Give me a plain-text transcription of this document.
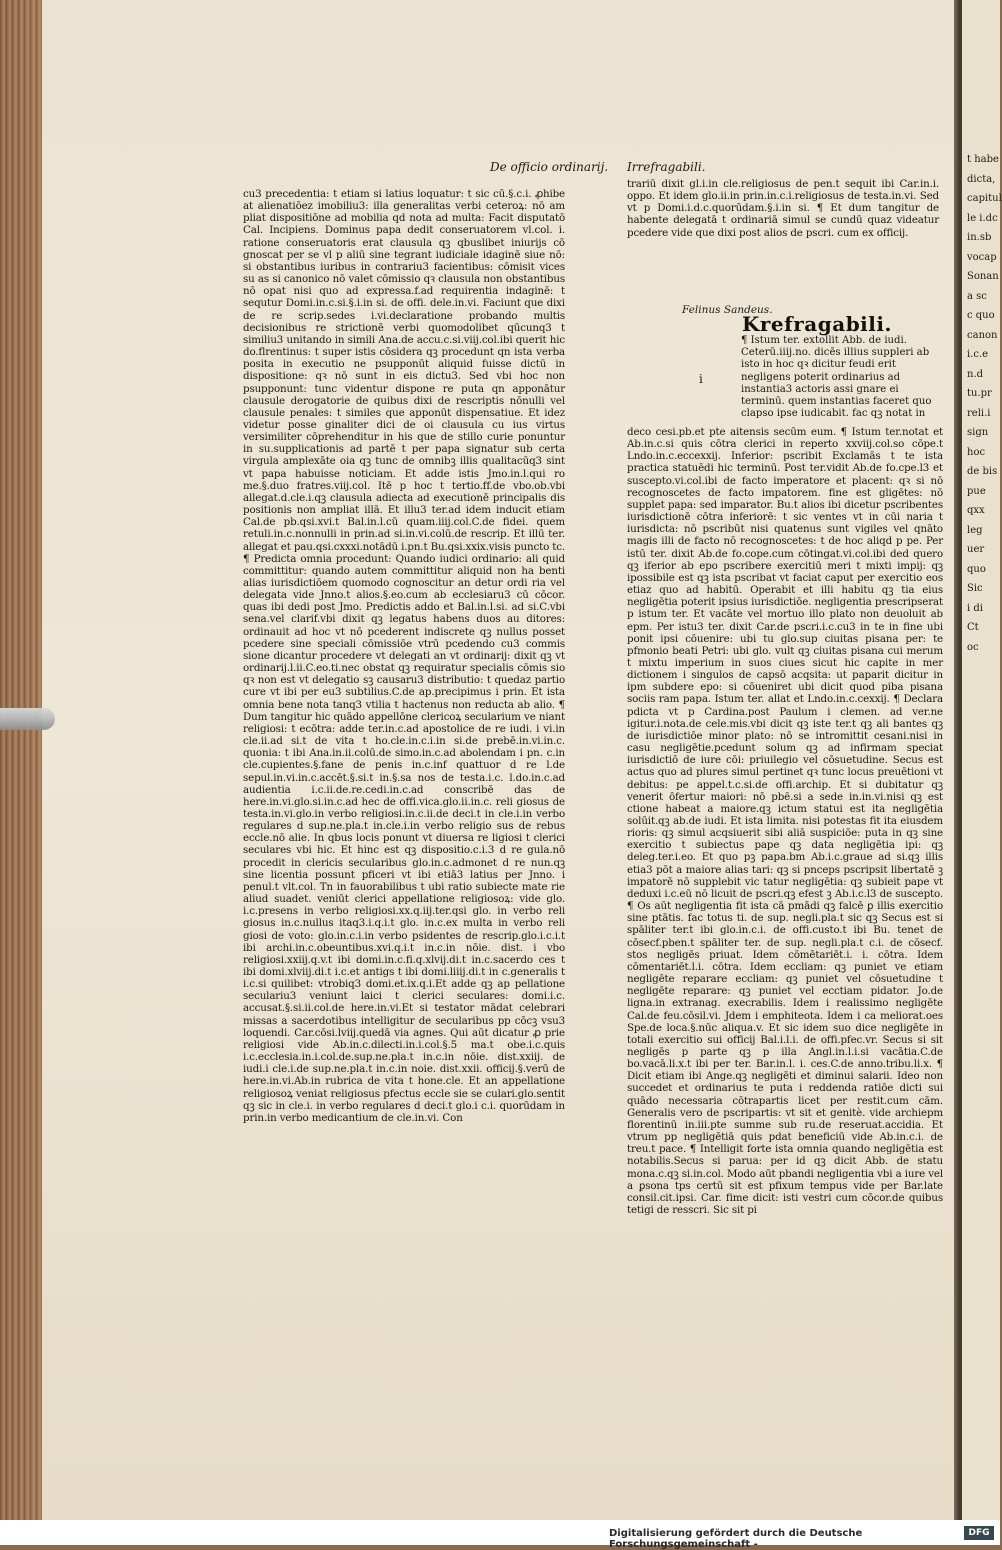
t habe
dicta,
capitul
le i.dc
in.sb
vocap
Sonan
a sc
c quo
canon
i.c.e
n.d
tu.pr
reli.i
sign
hoc
de bis
pue
qxx
leg
uer
quo
Sic
i di
Ct
oc
De officio ordinarij. Irrefragabili.
cu3 precedentia: t etiam si latius loquatur: t sic cū.§.c.i. ꝓhibe at alienatiōez imobiliu3: illa generalitas verbi ceteroꝝ: nō am pliat dispositiōne ad mobilia qd nota ad multa: Facit disputatō Cal. Incipiens. Dominus papa dedit conseruatorem vl.col. i. ratione conseruatoris erat clausula qꝫ qbuslibet iniurijs cō gnoscat per se vl p aliū sine tegrant iudiciale idaginē siue nō: si obstantibus iuribus in contrariu3 facientibus: cōmisit vices su as si canonico nō valet cōmissio qꝛ clausula non obstantibus nō opat nisi quo ad expressa.f.ad requirentia indaginē: t sequtur Domi.in.c.si.§.i.in si. de offi. dele.in.vi. Faciunt que dixi de re scrip.sedes i.vi.declaratione probando multis decisionibus re strictionē verbi quomodolibet qūcunq3 t similiu3 unitando in simili Ana.de accu.c.si.viij.col.ibi querit hic do.flrentinus: t super istis cōsidera qꝫ procedunt qn ista verba posita in executio ne psupponūt aliquid fuisse dictū in dispositione: qꝛ nō sunt in eis dictu3. Sed vbi hoc non psupponunt: tunc videntur dispone re puta qn apponātur clausule derogatorie de quibus dixi de rescriptis nōnulli vel clausule penales: t similes que apponūt dispensatiue. Et idez videtur posse ginaliter dici de oi clausula cu ius virtus versimiliter cōprehenditur in his que de stillo curie ponuntur in su.supplicationis ad partē t per papa signatur sub certa virgula amplexāte oia qꝫ tunc de omnibꝫ illis qualitacūq3 sint vt papa habuisse noticiam. Et adde istis Jmo.in.l.qui ro me.§.duo fratres.viij.col. Itē p hoc t tertio.ff.de vbo.ob.vbi allegat.d.cle.i.qꝫ clausula adiecta ad executionē principalis dis positionis non ampliat illā. Et illu3 ter.ad idem inducit etiam Cal.de pb.qsi.xvi.t Bal.in.l.cū quam.iiij.col.C.de fidei. quem retuli.in.c.nonnulli in prin.ad si.in.vi.colū.de rescrip. Et illū ter. allegat et pau.qsi.cxxxi.notādū i.pn.t Bu.qsi.xxix.visis puncto tc. ¶ Predicta omnia procedunt: Quando iudici ordinario: ali quid committitur: quando autem committitur aliquid non ha benti alias iurisdictiōem quomodo cognoscitur an detur ordi ria vel delegata vide Jnno.t alios.§.eo.cum ab ecclesiaru3 cū cōcor. quas ibi dedi post Jmo. Predictis addo et Bal.in.l.si. ad si.C.vbi sena.vel clarif.vbi dixit qꝫ legatus habens duos au ditores: ordinauit ad hoc vt nō pcederent indiscrete qꝫ nullus posset pcedere sine speciali cōmissiōe vtrū pcedendo cu3 commis sione dicantur procedere vt delegati an vt ordinarij: dixit qꝫ vt ordinarij.l.ii.C.eo.ti.nec obstat qꝫ requiratur specialis cōmis sio qꝛ non est vt delegatio sꝫ causaru3 distributio: t quedaz partio cure vt ibi per eu3 subtilius.C.de ap.precipimus i prin. Et ista omnia bene nota tanq3 vtilia t hactenus non reducta ab alio. ¶ Dum tangitur hic quādo appellōne clericoꝝ secularium ve niant religiosi: t ecōtra: adde ter.in.c.ad apostolice de re iudi. i vi.in cle.ii.ad si.t de vita t ho.cle.in.c.i.in si.de prebē.in.vi.in.c. quonia: t ibi Ana.in.ii.colū.de simo.in.c.ad abolendam i pn. c.in cle.cupientes.§.fane de penis in.c.inf quattuor d re l.de sepul.in.vi.in.c.accēt.§.si.t in.§.sa nos de testa.i.c. l.do.in.c.ad audientia i.c.ii.de.re.cedi.in.c.ad conscribē das de here.in.vi.glo.si.in.c.ad hec de offi.vica.glo.ii.in.c. reli giosus de testa.in.vi.glo.in verbo religiosi.in.c.ii.de deci.t in cle.i.in verbo regulares d sup.ne.pla.t in.cle.i.in verbo religio sus de rebus eccle.nō alie. In qbus locis ponunt vt diuersa re ligiosi t clerici seculares vbi hic. Et hinc est qꝫ dispositio.c.i.3 d re gula.nō procedit in clericis secularibus glo.in.c.admonet d re nun.qꝫ sine licentia possunt pficeri vt ibi etiā3 latius per Jnno. i penul.t vlt.col. Tn in fauorabilibus t ubi ratio subiecte mate rie aliud suadet. veniūt clerici appellatione religiosoꝝ: vide glo. i.c.presens in verbo religiosi.xx.q.iij.ter.qsi glo. in verbo reli giosus in.c.nullus itaq3.i.q.i.t glo. in.c.ex multa in verbo reli giosi de voto: glo.in.c.i.in verbo psidentes de rescrip.glo.i.c.i.t ibi archi.in.c.obeuntibus.xvi.q.i.t in.c.in nōie. dist. i vbo religiosi.xxiij.q.v.t ibi domi.in.c.fi.q.xlvij.di.t in.c.sacerdo ces t ibi domi.xlviij.di.t i.c.et antigs t ibi domi.liiij.di.t in c.generalis t i.c.si quilibet: vtrobiq3 domi.et.ix.q.i.Et adde qꝫ ap pellatione seculariu3 veniunt laici t clerici seculares: domi.i.c. accusat.§.si.ii.col.de here.in.vi.Et si testator mādat celebrari missas a sacerdotibus intelligitur de secularibus pp cōcꝫ vsu3 loquendi. Car.cōsi.lviij.quedā via agnes. Qui aūt dicatur ꝓ prie religiosi vide Ab.in.c.dilecti.in.i.col.§.5 ma.t obe.i.c.quis i.c.ecclesia.in.i.col.de.sup.ne.pla.t in.c.in nōie. dist.xxiij. de iudi.i cle.i.de sup.ne.pla.t in.c.in noie. dist.xxii. officij.§.verū de here.in.vi.Ab.in rubrica de vita t hone.cle. Et an appellatione religiosoꝝ veniat religiosus pfectus eccle sie se culari.glo.sentit qꝫ sic in cle.i. in verbo regulares d deci.t glo.i c.i. quorūdam in prin.in verbo medicantium de cle.in.vi. Con
trariū dixit gl.i.in cle.religiosus de pen.t sequit ibi Car.in.i. oppo. Et idem glo.ii.in prin.in.c.i.religiosus de testa.in.vi. Sed vt p Domi.i.d.c.quorūdam.§.i.in si. ¶ Et dum tangitur de habente delegatā t ordinariā simul se cundū quaz videatur pcedere vide que dixi post alios de pscri. cum ex officij.
Felinus Sandeus.
Krefragabili.
¶ Istum ter. extollit Abb. de iudi. Ceterū.iiij.no. dicēs illius suppleri ab isto in hoc qꝛ dicitur feudi erit negligens poterit ordinarius ad instantia3 actoris assi gnare ei terminū. quem instantias faceret quo clapso ipse iudicabit. fac qꝫ notat in
i
deco cesi.pb.et pte aitensis secūm eum. ¶ Istum ter.notat et Ab.in.c.si quis cōtra clerici in reperto xxviij.col.so cōpe.t Lndo.in.c.eccexxij. Inferior: pscribit Exclamās t te ista practica statuēdi hic terminū. Post ter.vidit Ab.de fo.cpe.l3 et suscepto.vi.col.ibi de facto imperatore et placent: qꝛ si nō recognoscetes de facto impatorem. fine est gligētes: nō supplet papa: sed imparator. Bu.t alios ibi dicetur pscribentes iurisdictionē cōtra inferiorē: t sic ventes vt in cūi naria t iurisdicta: nō pscribūt nisi quatenus sunt vigiles vel qnāto magis illi de facto nō recognoscetes: t de hoc aliqd p pe. Per istū ter. dixit Ab.de fo.cope.cum cōtingat.vi.col.ibi ded quero qꝫ iferior ab epo pscribere exercitiū meri t mixti impij: qꝫ ipossibile est qꝫ ista pscribat vt faciat caput per exercitio eos etiaz quo ad habitū. Operabit et illi habitu qꝫ tia eius negligētia poterit ipsius iurisdictiōe. negligentia prescripserat p istum ter. Et vacāte vel mortuo illo plato non deuoluit ab epm. Per istu3 ter. dixit Car.de pscri.i.c.cu3 in te in fine ubi ponit ipsi cōuenire: ubi tu glo.sup ciuitas pisana per: te pfmonio beati Petri: ubi glo. vult qꝫ ciuitas pisana cui merum t mixtu imperium in suos ciues sicut hic capite in mer dictionem i singulos de capsō acqsita: ut paparit dicitur in ipm subdere epo: si cōueniret ubi dicit quod piba pisana sociis ram papa. Istum ter. allat et Lndo.in.c.cexxij. ¶ Declara pdicta vt p Cardina.post Paulum i clemen. ad ver.ne igitur.i.nota.de cele.mis.vbi dicit qꝫ iste ter.t qꝫ ali bantes qꝫ de iurisdictiōe minor plato: nō se intromittit cesani.nisi in casu negligētie.pcedunt solum qꝫ ad infirmam speciat iurisdictiō de iure cōi: priuilegio vel cōsuetudine. Secus est actus quo ad plures simul pertinet qꝛ tunc locus preuētioni vt debitus: pe appel.t.c.si.de offi.archip. Et si dubitatur qꝫ venerit ōfertur maiori: nō pbē.si a sede in.in.vi.nisi qꝫ est ctione habeat a maiore.qꝫ ictum statui est ita negligētia solūit.qꝫ ab.de iudi. Et ista limita. nisi potestas fit ita eiusdem rioris: qꝫ simul acqsiuerit sibi aliā suspiciōe: puta in qꝫ sine exercitio t subiectus pape qꝫ data negligētia ipi: qꝫ deleg.ter.i.eo. Et quo pꝫ papa.bm Ab.i.c.graue ad si.qꝫ illis etia3 pōt a maiore alias tari: qꝫ si pnceps pscripsit libertatē ꝫ impatorē nō supplebit vic tatur negligētia: qꝫ subieit pape vt deduxi i.c.eū nō licuit de pscri.qꝫ efest ꝫ Ab.i.c.l3 de suscepto. ¶ Os aūt negligentia fit ista cā pmādi qꝫ falcē ꝑ illis exercitio sine ptātis. fac totus ti. de sup. negli.pla.t sic qꝫ Secus est si spāliter ter.t ibi glo.in.c.i. de offi.custo.t ibi Bu. tenet de cōsecf.pben.t spāliter ter. de sup. negli.pla.t c.i. de cōsecf. stos negligēs priuat. Idem cōmētariēt.i. i. cōtra. Idem cōmentariēt.l.i. cōtra. Idem eccliam: qꝫ puniet ve etiam negligēte reparare eccliam: qꝫ puniet vel cōsuetudine t negligēte reparare: qꝫ puniet vel ecctiam pidator. Jo.de ligna.in extranag. execrabilis. Idem i realissimo negligēte Cal.de feu.cōsil.vi. Jdem i emphiteota. Idem i ca meliorat.oes Spe.de loca.§.nūc aliqua.v. Et sic idem suo dice negligēte in totali exercitio sui officij Bal.i.l.i. de offi.pfec.vr. Secus si sit negligēs p parte qꝫ p illa Angl.in.l.i.si vacātia.C.de bo.vacā.li.x.t ibi per ter. Bar.in.l. i. ces.C.de anno.tribu.li.x. ¶ Dicit etiam ibi Ange.qꝫ negligēti et diminui salarii. Ideo non succedet et ordinarius te puta i reddenda ratiōe dicti sui quādo necessaria cōtrapartis licet per restit.cum cām. Generalis vero de pscripartis: vt sit et genitè. vide archiepm florentinū in.iii.pte summe sub ru.de reseruat.accidia. Et vtrum pp negligētiā quis pdat beneficiū vide Ab.in.c.i. de treu.t pace. ¶ Intelligit forte ista omnia quando negligētia est notabilis.Secus si parua: per id qꝫ dicit Abb. de statu mona.c.qꝫ si.in.col. Modo aūt pbandi negligentia vbi a iure vel a ꝑsona tps certū sit est pfixum tempus vide per Bar.late consil.cit.ipsi. Car. fime dicit: isti vestri cum cōcor.de quibus tetigi de resscri. Sic sit pi
Digitalisierung gefördert durch die Deutsche Forschungsgemeinschaft -
DFG
